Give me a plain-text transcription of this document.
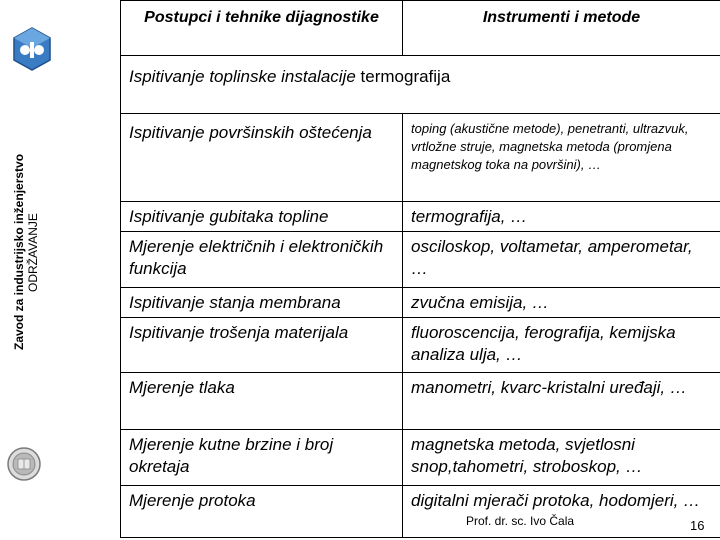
Zavod za industrijsko inženjerstvo ODRŽAVANJE
Postupci i tehnike dijagnostike	Instrumenti i metode
Ispitivanje toplinske instalacije termografija	
Ispitivanje površinskih oštećenja	toping (akustične metode), penetranti, ultrazvuk, vrtložne struje, magnetska metoda (promjena magnetskog toka na površini), …
Ispitivanje gubitaka topline	termografija, …
Mjerenje električnih i elektroničkih funkcija	osciloskop, voltametar, amperometar, …
Ispitivanje stanja membrana	zvučna emisija, …
Ispitivanje trošenja materijala	fluoroscencija, ferografija, kemijska analiza ulja, …
Mjerenje tlaka	manometri, kvarc-kristalni uređaji, …
Mjerenje kutne brzine i broj okretaja	magnetska metoda, svjetlosni snop,tahometri, stroboskop, …
Mjerenje protoka	digitalni mjerači protoka, hodomjeri, …
Prof. dr. sc. Ivo Čala	16
